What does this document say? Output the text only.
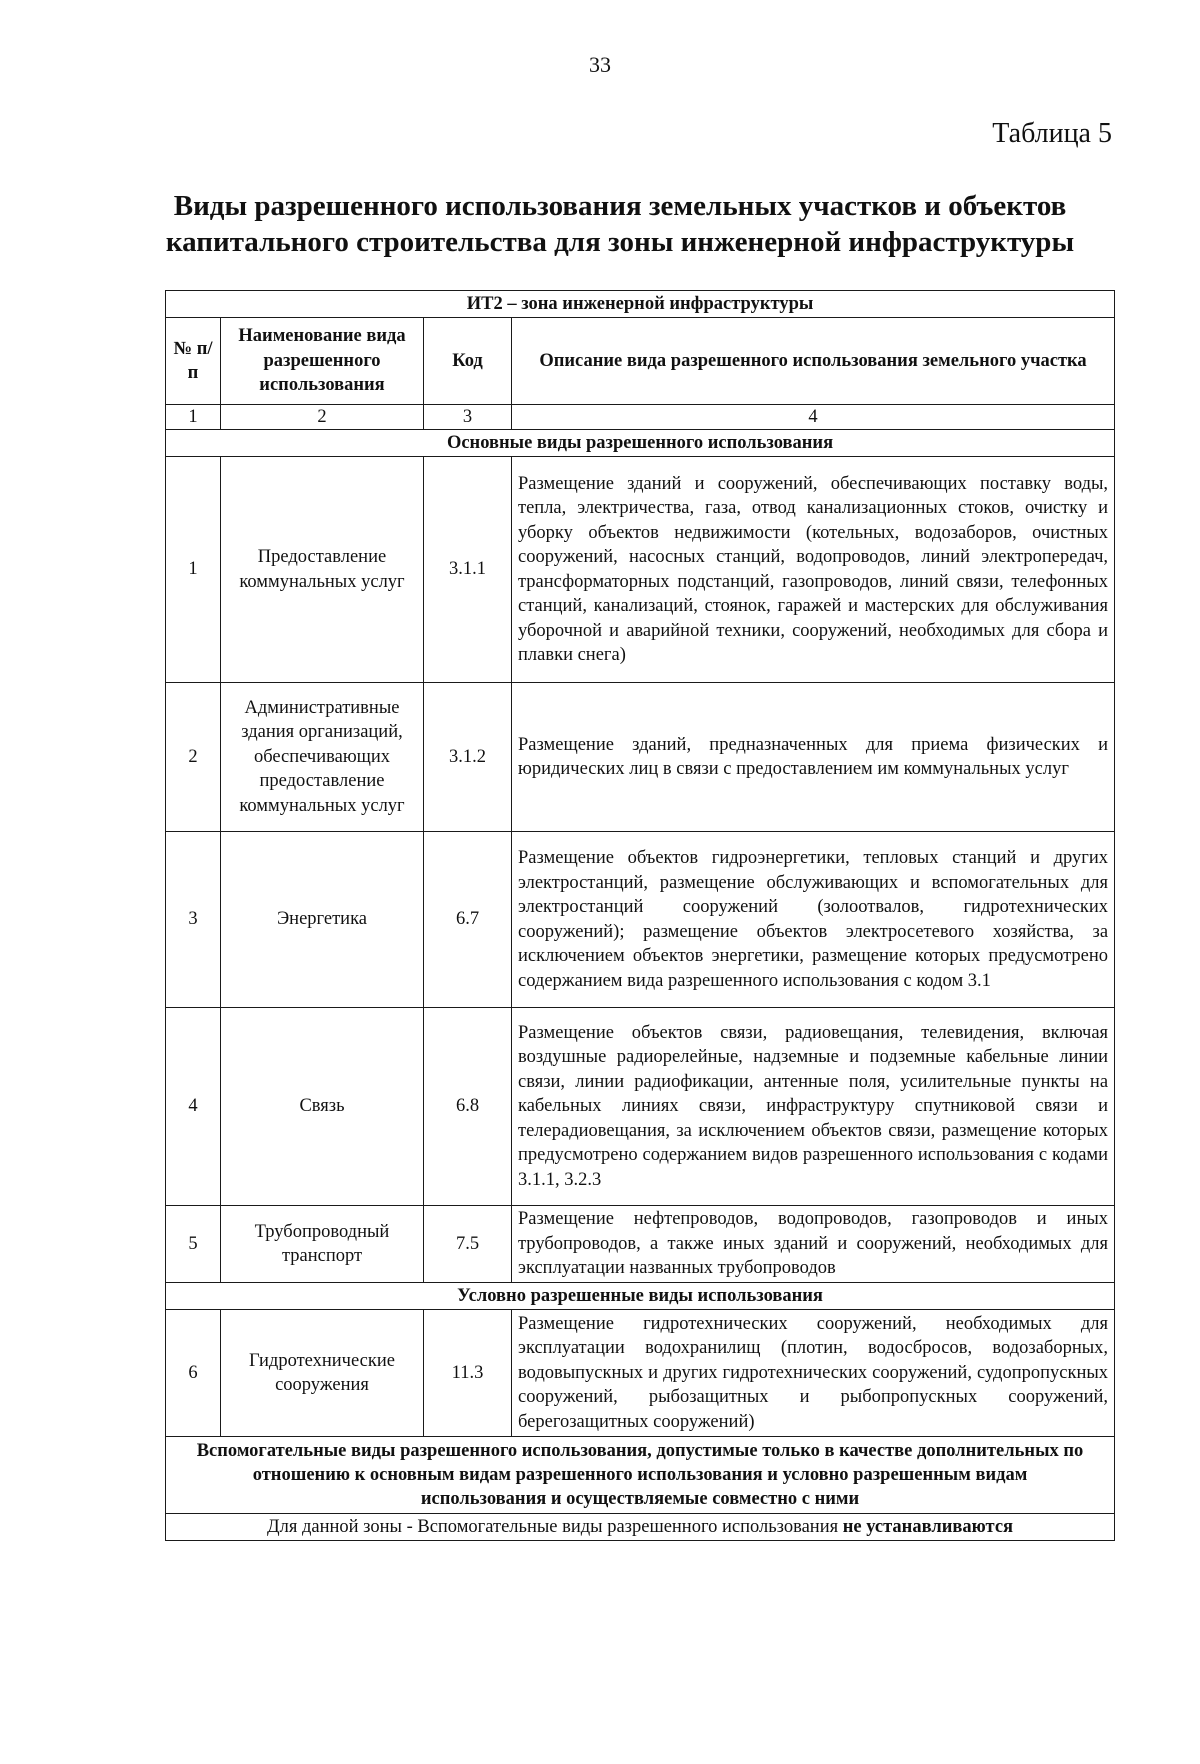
33
Таблица 5
Виды разрешенного использования земельных участков и объектов
капитального строительства для зоны инженерной инфраструктуры
ИТ2 – зона инженерной инфраструктуры			
№ п/п	Наименование вида разрешенного использования	Код	Описание вида разрешенного использования земельного участка
1	2	3	4
Основные виды разрешенного использования			
1	Предоставление коммунальных услуг	3.1.1	Размещение зданий и сооружений, обеспечивающих поставку воды, тепла, электричества, газа, отвод канализационных стоков, очистку и уборку объектов недвижимости (котельных, водозаборов, очистных сооружений, насосных станций, водопроводов, линий электропередач, трансформаторных подстанций, газопроводов, линий связи, телефонных станций, канализаций, стоянок, гаражей и мастерских для обслуживания уборочной и аварийной техники, сооружений, необходимых для сбора и плавки снега)
2	Административные здания организаций, обеспечивающих предоставление коммунальных услуг	3.1.2	Размещение зданий, предназначенных для приема физических и юридических лиц в связи с предоставлением им коммунальных услуг
3	Энергетика	6.7	Размещение объектов гидроэнергетики, тепловых станций и других электростанций, размещение обслуживающих и вспомогательных для электростанций сооружений (золоотвалов, гидротехнических сооружений); размещение объектов электросетевого хозяйства, за исключением объектов энергетики, размещение которых предусмотрено содержанием вида разрешенного использования с кодом 3.1
4	Связь	6.8	Размещение объектов связи, радиовещания, телевидения, включая воздушные радиорелейные, надземные и подземные кабельные линии связи, линии радиофикации, антенные поля, усилительные пункты на кабельных линиях связи, инфраструктуру спутниковой связи и телерадиовещания, за исключением объектов связи, размещение которых предусмотрено содержанием видов разрешенного использования с кодами 3.1.1, 3.2.3
5	Трубопроводный транспорт	7.5	Размещение нефтепроводов, водопроводов, газопроводов и иных трубопроводов, а также иных зданий и сооружений, необходимых для эксплуатации названных трубопроводов
Условно разрешенные виды использования			
6	Гидротехнические сооружения	11.3	Размещение гидротехнических сооружений, необходимых для эксплуатации водохранилищ (плотин, водосбросов, водозаборных, водовыпускных и других гидротехнических сооружений, судопропускных сооружений, рыбозащитных и рыбопропускных сооружений, берегозащитных сооружений)
Вспомогательные виды разрешенного использования, допустимые только в качестве дополнительных по отношению к основным видам разрешенного использования и условно разрешенным видам использования и осуществляемые совместно с ними			
Для данной зоны - Вспомогательные виды разрешенного использования не устанавливаются			
